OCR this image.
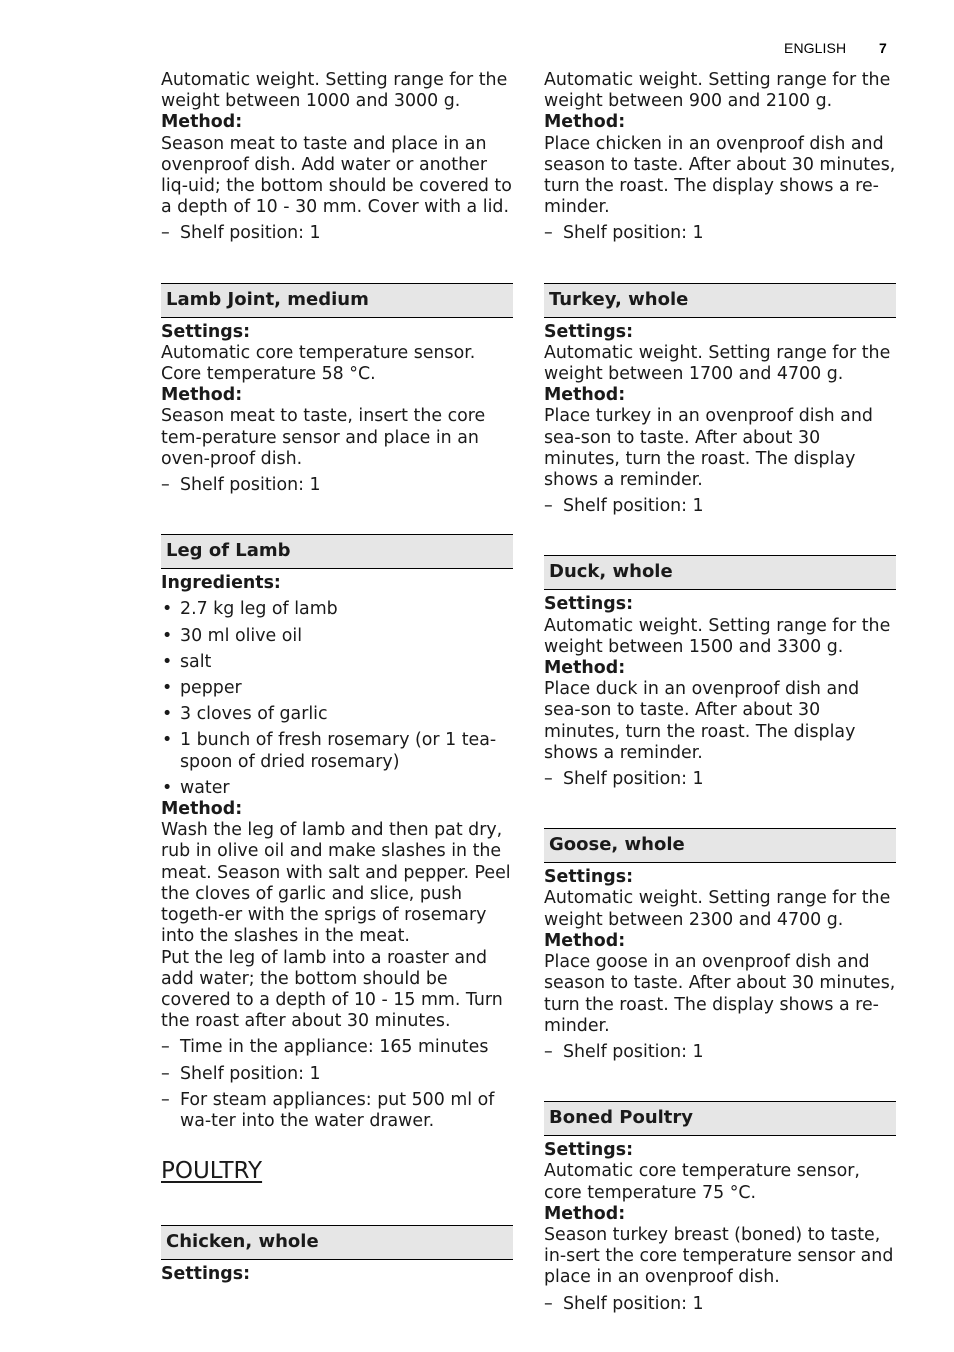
ENGLISH 7

Automatic weight. Setting range for the weight between 1000 and 3000 g.

Method:

Season meat to taste and place in an ovenproof dish. Add water or another liq-uid; the bottom should be covered to a depth of 10 - 30 mm. Cover with a lid.

– Shelf position: 1
Lamb Joint, medium

Settings:

Automatic core temperature sensor. Core temperature 58 °C.

Method:

Season meat to taste, insert the core tem-perature sensor and place in an oven-proof dish.

– Shelf position: 1
Leg of Lamb

Ingredients:

• 2.7 kg leg of lamb
• 30 ml olive oil
• salt
• pepper
• 3 cloves of garlic
• 1 bunch of fresh rosemary (or 1 tea-spoon of dried rosemary)
• water

Method:

Wash the leg of lamb and then pat dry, rub in olive oil and make slashes in the meat. Season with salt and pepper. Peel the cloves of garlic and slice, push togeth-er with the sprigs of rosemary into the slashes in the meat.

Put the leg of lamb into a roaster and add water; the bottom should be covered to a depth of 10 - 15 mm. Turn the roast after about 30 minutes.

– Time in the appliance: 165 minutes
– Shelf position: 1
– For steam appliances: put 500 ml of wa-ter into the water drawer.
POULTRY
Chicken, whole

Settings:

Automatic weight. Setting range for the weight between 900 and 2100 g.

Method:

Place chicken in an ovenproof dish and season to taste. After about 30 minutes, turn the roast. The display shows a re-minder.

– Shelf position: 1
Turkey, whole

Settings:

Automatic weight. Setting range for the weight between 1700 and 4700 g.

Method:

Place turkey in an ovenproof dish and sea-son to taste. After about 30 minutes, turn the roast. The display shows a reminder.

– Shelf position: 1
Duck, whole

Settings:

Automatic weight. Setting range for the weight between 1500 and 3300 g.

Method:

Place duck in an ovenproof dish and sea-son to taste. After about 30 minutes, turn the roast. The display shows a reminder.

– Shelf position: 1
Goose, whole

Settings:

Automatic weight. Setting range for the weight between 2300 and 4700 g.

Method:

Place goose in an ovenproof dish and season to taste. After about 30 minutes, turn the roast. The display shows a re-minder.

– Shelf position: 1
Boned Poultry

Settings:

Automatic core temperature sensor, core temperature 75 °C.

Method:

Season turkey breast (boned) to taste, in-sert the core temperature sensor and place in an ovenproof dish.

– Shelf position: 1
